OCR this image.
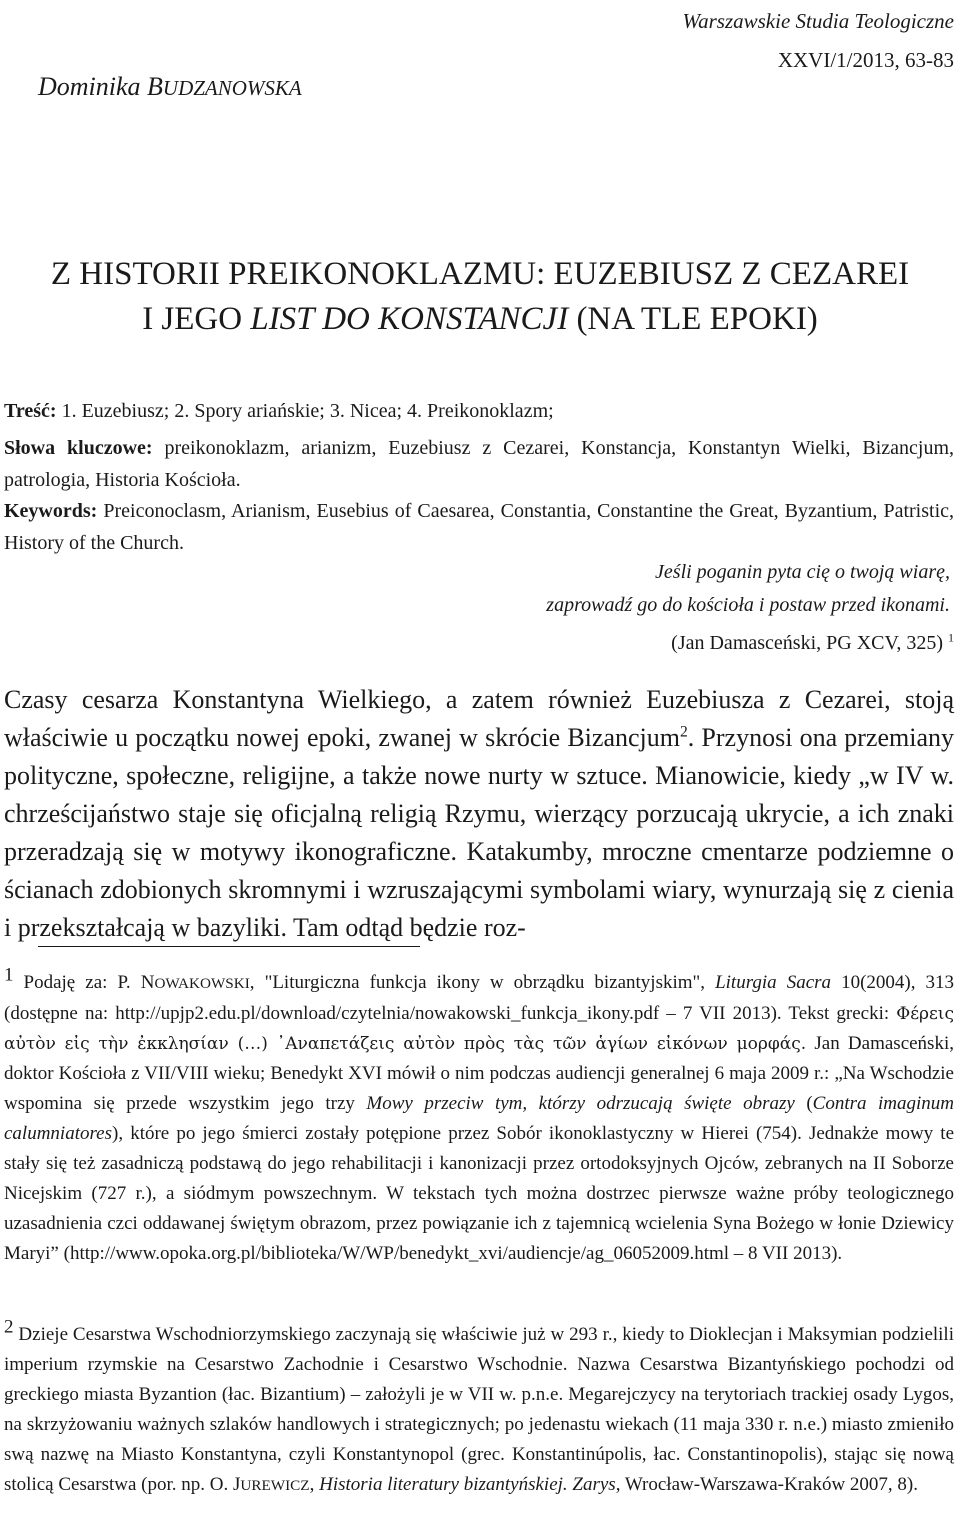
Warszawskie Studia Teologiczne
XXVI/1/2013, 63-83
Dominika BUDZANOWSKA
Z HISTORII PREIKONOKLAZMU: EUZEBIUSZ Z CEZAREI
I JEGO LIST DO KONSTANCJI (NA TLE EPOKI)
Treść: 1. Euzebiusz; 2. Spory ariańskie; 3. Nicea; 4. Preikonoklazm;
Słowa kluczowe: preikonoklazm, arianizm, Euzebiusz z Cezarei, Konstancja, Konstantyn Wielki, Bizancjum, patrologia, Historia Kościoła.
Keywords: Preiconoclasm, Arianism, Eusebius of Caesarea, Constantia, Constantine the Great, Byzantium, Patristic, History of the Church.
Jeśli poganin pyta cię o twoją wiarę,
zaprowadź go do kościoła i postaw przed ikonami.
(Jan Damasceński, PG XCV, 325) $^1$

Czasy cesarza Konstantyna Wielkiego, a zatem również Euzebiusza z Cezarei, stoją właściwie u początku nowej epoki, zwanej w skrócie Bizancjum$^2$. Przynosi ona przemiany polityczne, społeczne, religijne, a także nowe nurty w sztuce. Mianowicie, kiedy „w IV w. chrześcijaństwo staje się oficjalną religią Rzymu, wierzący porzucają ukrycie, a ich znaki przeradzają się w motywy ikonograficzne. Katakumby, mroczne cmentarze podziemne o ścianach zdobionych skromnymi i wzruszającymi symbolami wiary, wynurzają się z cienia i przekształcają w bazyliki. Tam odtąd będzie roz-

$^1$ Podaję za: P. NOWAKOWSKI, "Liturgiczna funkcja ikony w obrządku bizantyjskim", Liturgia Sacra 10(2004), 313 (dostępne na: http://upjp2.edu.pl/download/czytelnia/nowakowski_funkcja_ikony.pdf – 7 VII 2013). Tekst grecki: Φέρεις αὐτὸν εἰς τὴν ἐκκλησίαν (…) ᾿Αναπετάζεις αὐτὸν πρὸς τὰς τῶν ἁγίων εἰκόνων μορφάς. Jan Damasceński, doktor Kościoła z VII/VIII wieku; Benedykt XVI mówił o nim podczas audiencji generalnej 6 maja 2009 r.: „Na Wschodzie wspomina się przede wszystkim jego trzy Mowy przeciw tym, którzy odrzucają święte obrazy (Contra imaginum calumniatores), które po jego śmierci zostały potępione przez Sobór ikonoklastyczny w Hierei (754). Jednakże mowy te stały się też zasadniczą podstawą do jego rehabilitacji i kanonizacji przez ortodoksyjnych Ojców, zebranych na II Soborze Nicejskim (727 r.), a siódmym powszechnym. W tekstach tych można dostrzec pierwsze ważne próby teologicznego uzasadnienia czci oddawanej świętym obrazom, przez powiązanie ich z tajemnicą wcielenia Syna Bożego w łonie Dziewicy Maryi” (http://www.opoka.org.pl/biblioteka/W/WP/benedykt_xvi/audiencje/ag_06052009.html – 8 VII 2013).

$^2$ Dzieje Cesarstwa Wschodniorzymskiego zaczynają się właściwie już w 293 r., kiedy to Dioklecjan i Maksymian podzielili imperium rzymskie na Cesarstwo Zachodnie i Cesarstwo Wschodnie. Nazwa Cesarstwa Bizantyńskiego pochodzi od greckiego miasta Byzantion (łac. Bizantium) – założyli je w VII w. p.n.e. Megarejczycy na terytoriach trackiej osady Lygos, na skrzyżowaniu ważnych szlaków handlowych i strategicznych; po jedenastu wiekach (11 maja 330 r. n.e.) miasto zmieniło swą nazwę na Miasto Konstantyna, czyli Konstantynopol (grec. Konstantinúpolis, łac. Constantinopolis), stając się nową stolicą Cesarstwa (por. np. O. JUREWICZ, Historia literatury bizantyńskiej. Zarys, Wrocław-Warszawa-Kraków 2007, 8).
